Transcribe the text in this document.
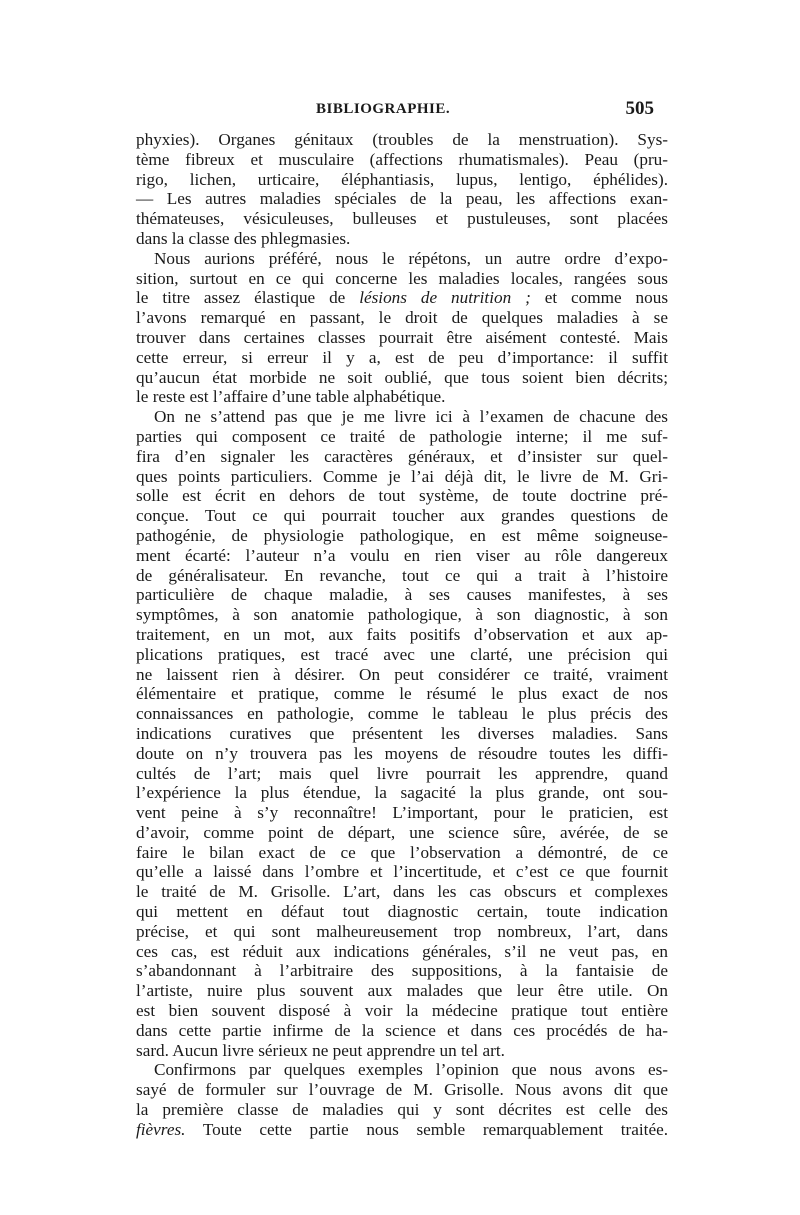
BIBLIOGRAPHIE.	505
phyxies). Organes génitaux (troubles de la menstruation). Sys-
tème fibreux et musculaire (affections rhumatismales). Peau (pru-
rigo, lichen, urticaire, éléphantiasis, lupus, lentigo, éphélides).
— Les autres maladies spéciales de la peau, les affections exan-
thémateuses, vésiculeuses, bulleuses et pustuleuses, sont placées
dans la classe des phlegmasies.
Nous aurions préféré, nous le répétons, un autre ordre d’expo-
sition, surtout en ce qui concerne les maladies locales, rangées sous
le titre assez élastique de lésions de nutrition ; et comme nous
l’avons remarqué en passant, le droit de quelques maladies à se
trouver dans certaines classes pourrait être aisément contesté. Mais
cette erreur, si erreur il y a, est de peu d’importance: il suffit
qu’aucun état morbide ne soit oublié, que tous soient bien décrits;
le reste est l’affaire d’une table alphabétique.
On ne s’attend pas que je me livre ici à l’examen de chacune des
parties qui composent ce traité de pathologie interne; il me suf-
fira d’en signaler les caractères généraux, et d’insister sur quel-
ques points particuliers. Comme je l’ai déjà dit, le livre de M. Gri-
solle est écrit en dehors de tout système, de toute doctrine pré-
conçue. Tout ce qui pourrait toucher aux grandes questions de
pathogénie, de physiologie pathologique, en est même soigneuse-
ment écarté: l’auteur n’a voulu en rien viser au rôle dangereux
de généralisateur. En revanche, tout ce qui a trait à l’histoire
particulière de chaque maladie, à ses causes manifestes, à ses
symptômes, à son anatomie pathologique, à son diagnostic, à son
traitement, en un mot, aux faits positifs d’observation et aux ap-
plications pratiques, est tracé avec une clarté, une précision qui
ne laissent rien à désirer. On peut considérer ce traité, vraiment
élémentaire et pratique, comme le résumé le plus exact de nos
connaissances en pathologie, comme le tableau le plus précis des
indications curatives que présentent les diverses maladies. Sans
doute on n’y trouvera pas les moyens de résoudre toutes les diffi-
cultés de l’art; mais quel livre pourrait les apprendre, quand
l’expérience la plus étendue, la sagacité la plus grande, ont sou-
vent peine à s’y reconnaître! L’important, pour le praticien, est
d’avoir, comme point de départ, une science sûre, avérée, de se
faire le bilan exact de ce que l’observation a démontré, de ce
qu’elle a laissé dans l’ombre et l’incertitude, et c’est ce que fournit
le traité de M. Grisolle. L’art, dans les cas obscurs et complexes
qui mettent en défaut tout diagnostic certain, toute indication
précise, et qui sont malheureusement trop nombreux, l’art, dans
ces cas, est réduit aux indications générales, s’il ne veut pas, en
s’abandonnant à l’arbitraire des suppositions, à la fantaisie de
l’artiste, nuire plus souvent aux malades que leur être utile. On
est bien souvent disposé à voir la médecine pratique tout entière
dans cette partie infirme de la science et dans ces procédés de ha-
sard. Aucun livre sérieux ne peut apprendre un tel art.
Confirmons par quelques exemples l’opinion que nous avons es-
sayé de formuler sur l’ouvrage de M. Grisolle. Nous avons dit que
la première classe de maladies qui y sont décrites est celle des
fièvres. Toute cette partie nous semble remarquablement traitée.
